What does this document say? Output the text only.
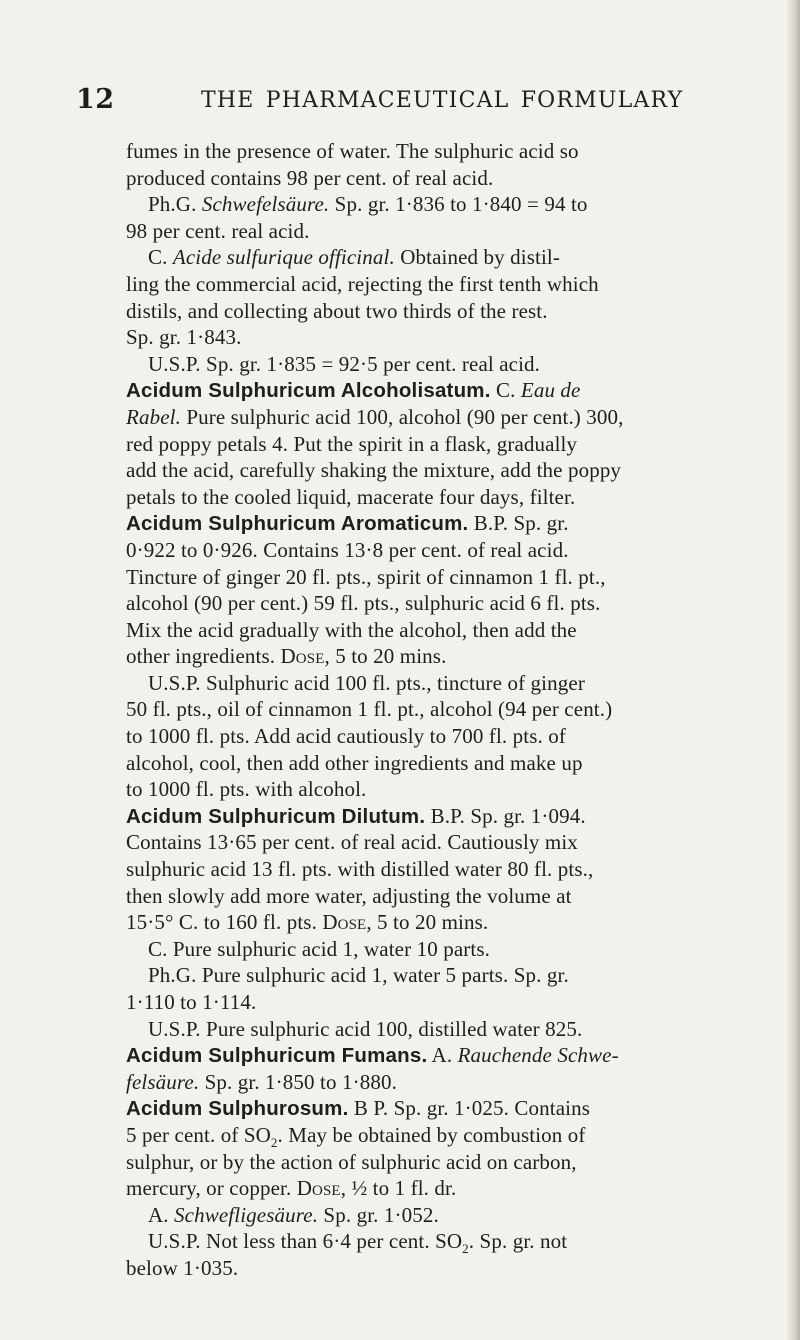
12	THE PHARMACEUTICAL FORMULARY
fumes in the presence of water. The sulphuric acid so
produced contains 98 per cent. of real acid.
Ph.G. Schwefelsäure. Sp. gr. 1·836 to 1·840 = 94 to
98 per cent. real acid.
C. Acide sulfurique officinal. Obtained by distil-
ling the commercial acid, rejecting the first tenth which
distils, and collecting about two thirds of the rest.
Sp. gr. 1·843.
U.S.P. Sp. gr. 1·835 = 92·5 per cent. real acid.
Acidum Sulphuricum Alcoholisatum. C. Eau de
Rabel. Pure sulphuric acid 100, alcohol (90 per cent.) 300,
red poppy petals 4. Put the spirit in a flask, gradually
add the acid, carefully shaking the mixture, add the poppy
petals to the cooled liquid, macerate four days, filter.
Acidum Sulphuricum Aromaticum. B.P. Sp. gr.
0·922 to 0·926. Contains 13·8 per cent. of real acid.
Tincture of ginger 20 fl. pts., spirit of cinnamon 1 fl. pt.,
alcohol (90 per cent.) 59 fl. pts., sulphuric acid 6 fl. pts.
Mix the acid gradually with the alcohol, then add the
other ingredients. Dose, 5 to 20 mins.
U.S.P. Sulphuric acid 100 fl. pts., tincture of ginger
50 fl. pts., oil of cinnamon 1 fl. pt., alcohol (94 per cent.)
to 1000 fl. pts. Add acid cautiously to 700 fl. pts. of
alcohol, cool, then add other ingredients and make up
to 1000 fl. pts. with alcohol.
Acidum Sulphuricum Dilutum. B.P. Sp. gr. 1·094.
Contains 13·65 per cent. of real acid. Cautiously mix
sulphuric acid 13 fl. pts. with distilled water 80 fl. pts.,
then slowly add more water, adjusting the volume at
15·5° C. to 160 fl. pts. Dose, 5 to 20 mins.
C. Pure sulphuric acid 1, water 10 parts.
Ph.G. Pure sulphuric acid 1, water 5 parts. Sp. gr.
1·110 to 1·114.
U.S.P. Pure sulphuric acid 100, distilled water 825.
Acidum Sulphuricum Fumans. A. Rauchende Schwe-
felsäure. Sp. gr. 1·850 to 1·880.
Acidum Sulphurosum. B P. Sp. gr. 1·025. Contains
5 per cent. of $SO_2$. May be obtained by combustion of
sulphur, or by the action of sulphuric acid on carbon,
mercury, or copper. Dose, ½ to 1 fl. dr.
A. Schwefligesäure. Sp. gr. 1·052.
U.S.P. Not less than 6·4 per cent. $SO_2$. Sp. gr. not
below 1·035.
